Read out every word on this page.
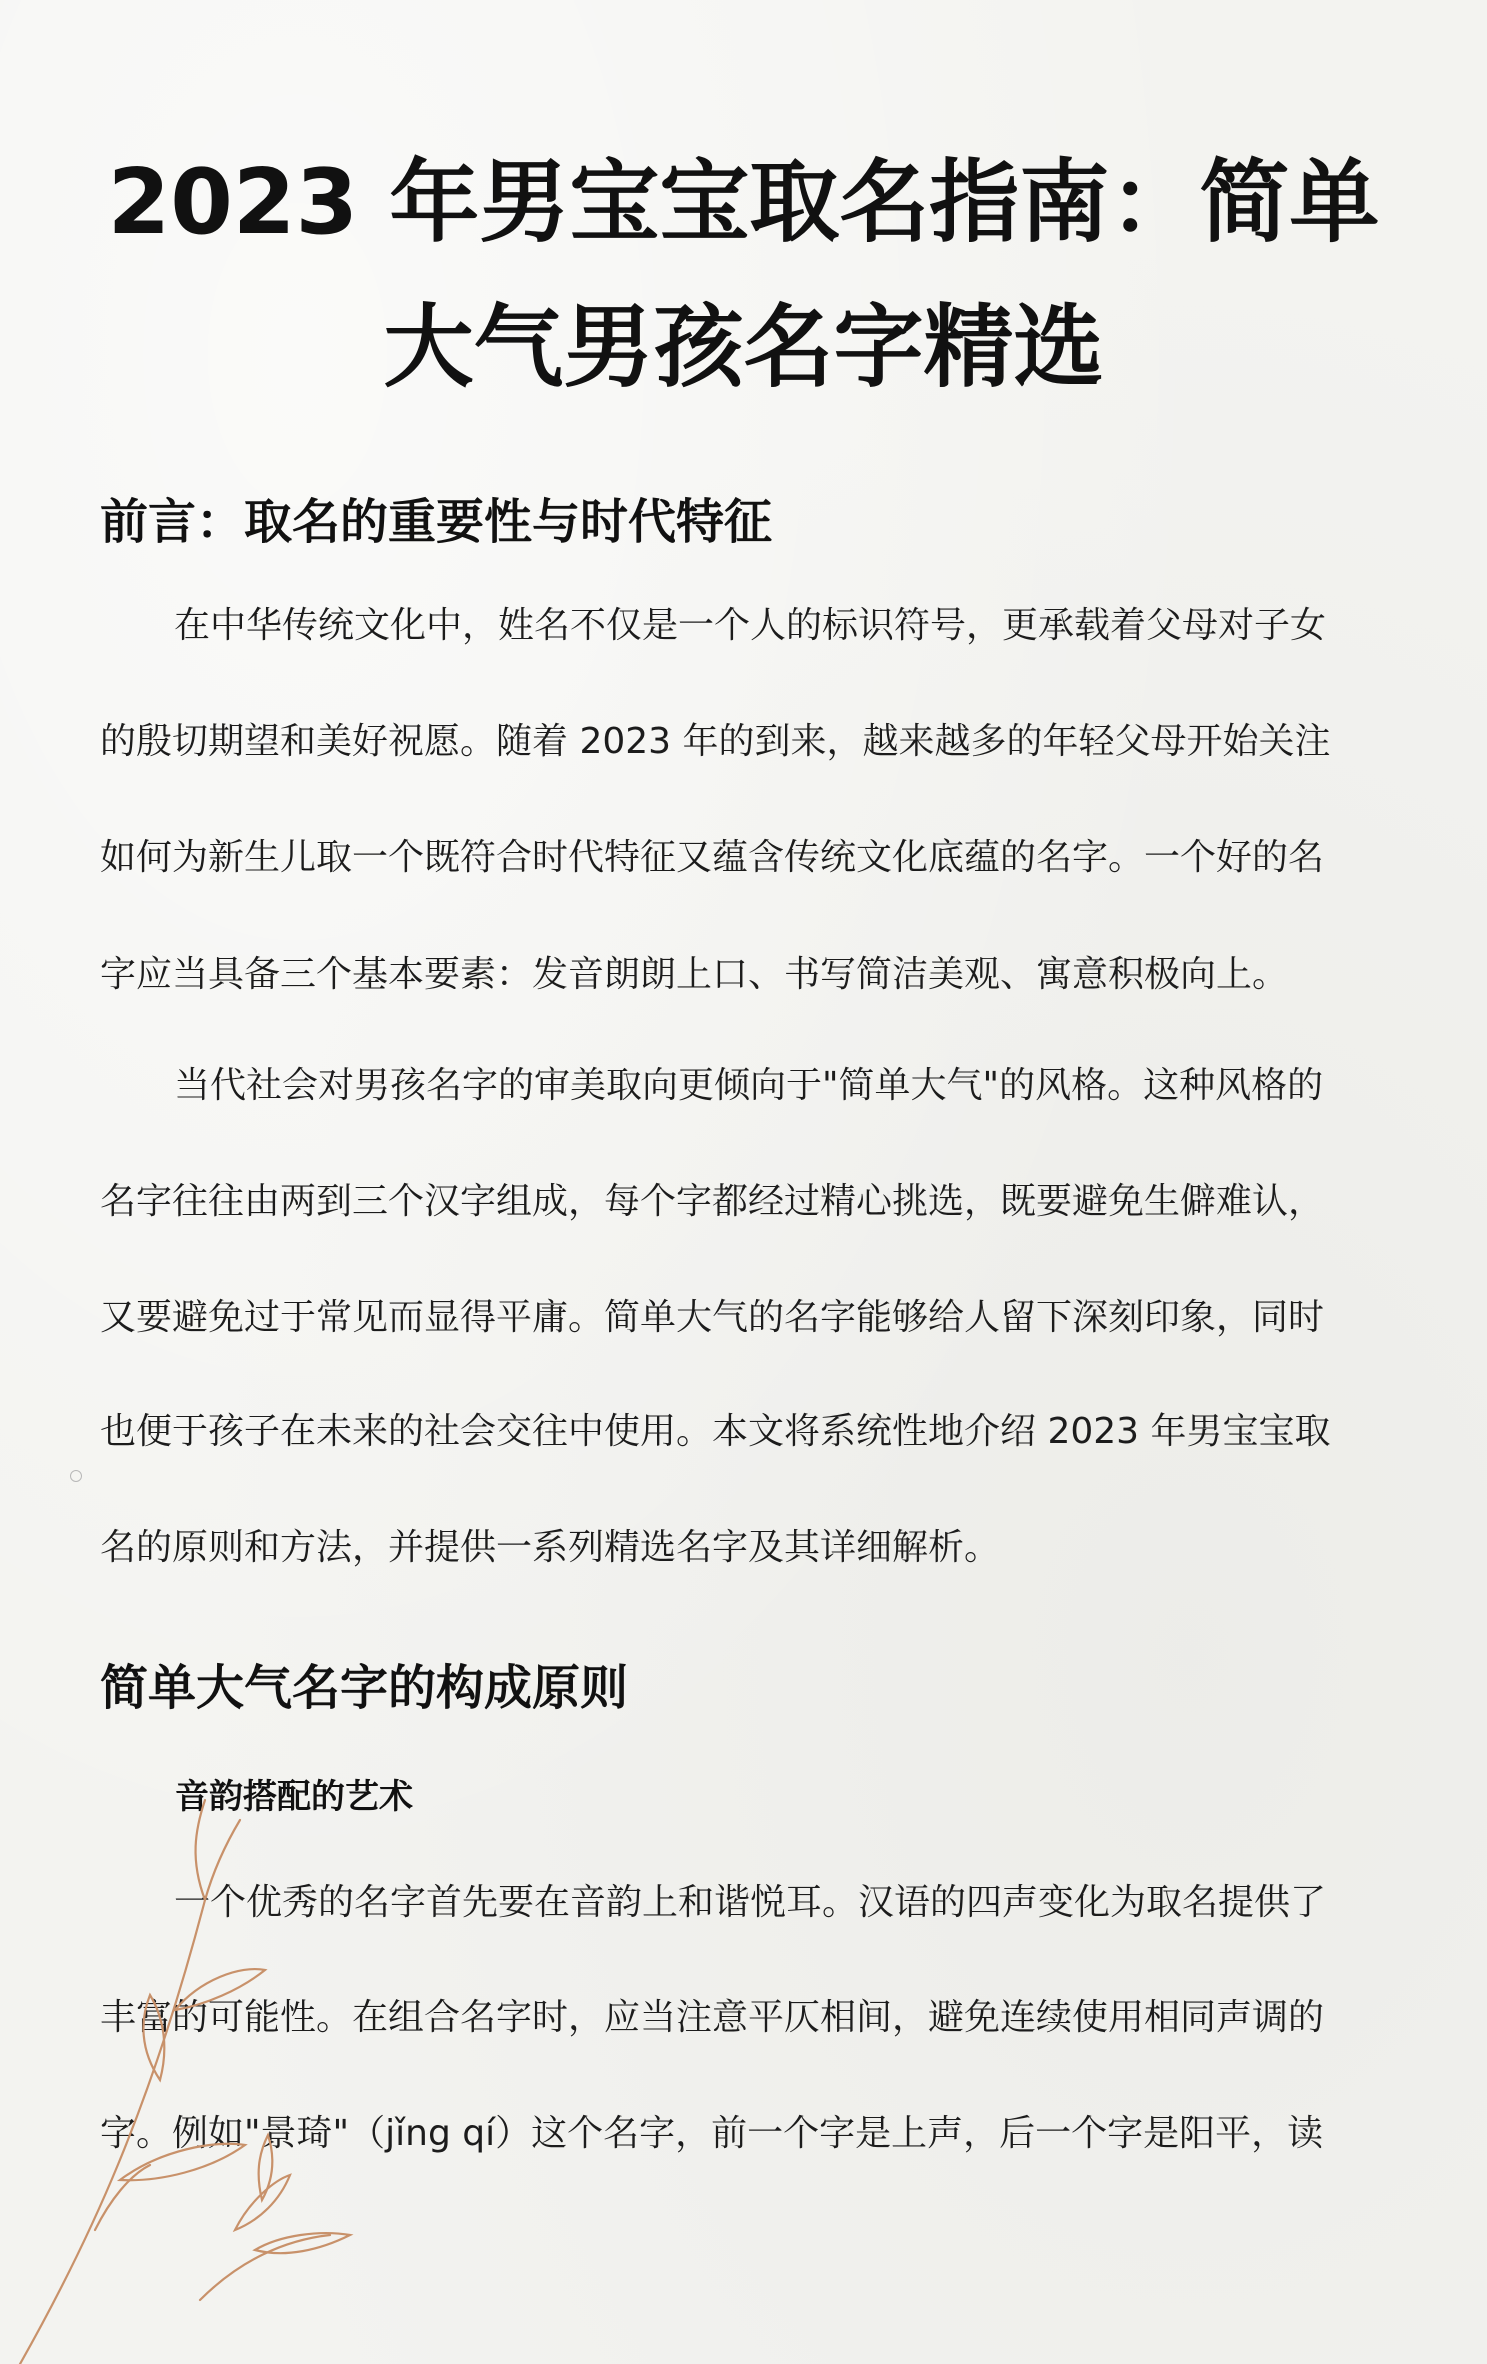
2023 年男宝宝取名指南：简单
大气男孩名字精选
前言：取名的重要性与时代特征

在中华传统文化中，姓名不仅是一个人的标识符号，更承载着父母对子女

的殷切期望和美好祝愿。随着 2023 年的到来，越来越多的年轻父母开始关注

如何为新生儿取一个既符合时代特征又蕴含传统文化底蕴的名字。一个好的名

字应当具备三个基本要素：发音朗朗上口、书写简洁美观、寓意积极向上。

当代社会对男孩名字的审美取向更倾向于"简单大气"的风格。这种风格的

名字往往由两到三个汉字组成，每个字都经过精心挑选，既要避免生僻难认，

又要避免过于常见而显得平庸。简单大气的名字能够给人留下深刻印象，同时

也便于孩子在未来的社会交往中使用。本文将系统性地介绍 2023 年男宝宝取

名的原则和方法，并提供一系列精选名字及其详细解析。

简单大气名字的构成原则
音韵搭配的艺术

一个优秀的名字首先要在音韵上和谐悦耳。汉语的四声变化为取名提供了

丰富的可能性。在组合名字时，应当注意平仄相间，避免连续使用相同声调的

字。例如"景琦"（jǐng qí）这个名字，前一个字是上声，后一个字是阳平，读
